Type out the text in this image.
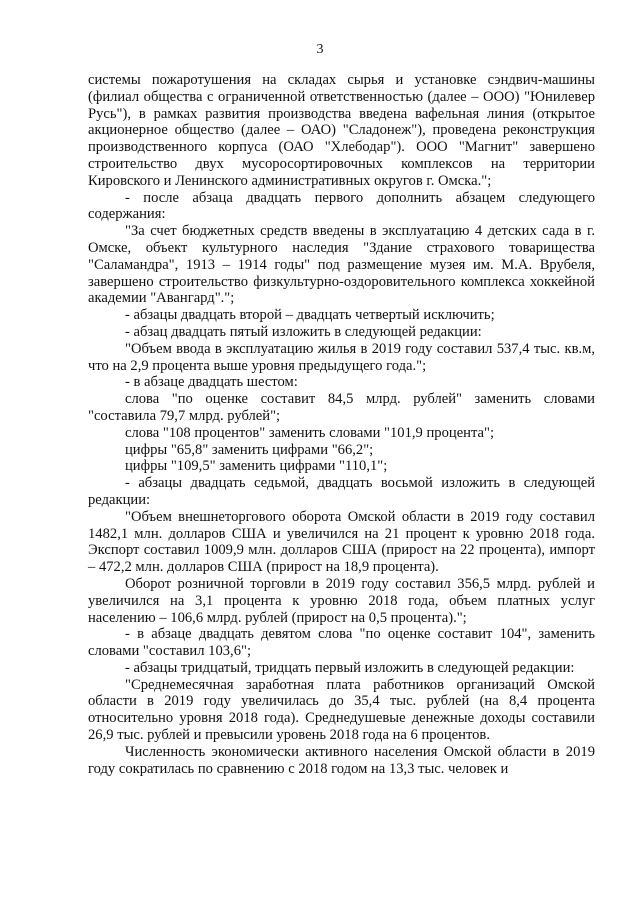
3

системы пожаротушения на складах сырья и установке сэндвич-машины (филиал общества с ограниченной ответственностью (далее – ООО) "Юнилевер Русь"), в рамках развития производства введена вафельная линия (открытое акционерное общество (далее – ОАО) "Сладонеж"), проведена реконструкция производственного корпуса (ОАО "Хлебодар"). ООО "Магнит" завершено строительство двух мусоросортировочных комплексов на территории Кировского и Ленинского административных округов г. Омска.";

- после абзаца двадцать первого дополнить абзацем следующего содержания:

"За счет бюджетных средств введены в эксплуатацию 4 детских сада в г. Омске, объект культурного наследия "Здание страхового товарищества "Саламандра", 1913 – 1914 годы" под размещение музея им. М.А. Врубеля, завершено строительство физкультурно-оздоровительного комплекса хоккейной академии "Авангард".";

- абзацы двадцать второй – двадцать четвертый исключить;

- абзац двадцать пятый изложить в следующей редакции:

"Объем ввода в эксплуатацию жилья в 2019 году составил 537,4 тыс. кв.м, что на 2,9 процента выше уровня предыдущего года.";

- в абзаце двадцать шестом:

слова "по оценке составит 84,5 млрд. рублей" заменить словами "составила 79,7 млрд. рублей";

слова "108 процентов" заменить словами "101,9 процента";

цифры "65,8" заменить цифрами "66,2";

цифры "109,5" заменить цифрами "110,1";

- абзацы двадцать седьмой, двадцать восьмой изложить в следующей редакции:

"Объем внешнеторгового оборота Омской области в 2019 году составил 1482,1 млн. долларов США и увеличился на 21 процент к уровню 2018 года. Экспорт составил 1009,9 млн. долларов США (прирост на 22 процента), импорт – 472,2 млн. долларов США (прирост на 18,9 процента).

Оборот розничной торговли в 2019 году составил 356,5 млрд. рублей и увеличился на 3,1 процента к уровню 2018 года, объем платных услуг населению – 106,6 млрд. рублей (прирост на 0,5 процента).";

- в абзаце двадцать девятом слова "по оценке составит 104", заменить словами "составил 103,6";

- абзацы тридцатый, тридцать первый изложить в следующей редакции:

"Среднемесячная заработная плата работников организаций Омской области в 2019 году увеличилась до 35,4 тыс. рублей (на 8,4 процента относительно уровня 2018 года). Среднедушевые денежные доходы составили 26,9 тыс. рублей и превысили уровень 2018 года на 6 процентов.

Численность экономически активного населения Омской области в 2019 году сократилась по сравнению с 2018 годом на 13,3 тыс. человек и
